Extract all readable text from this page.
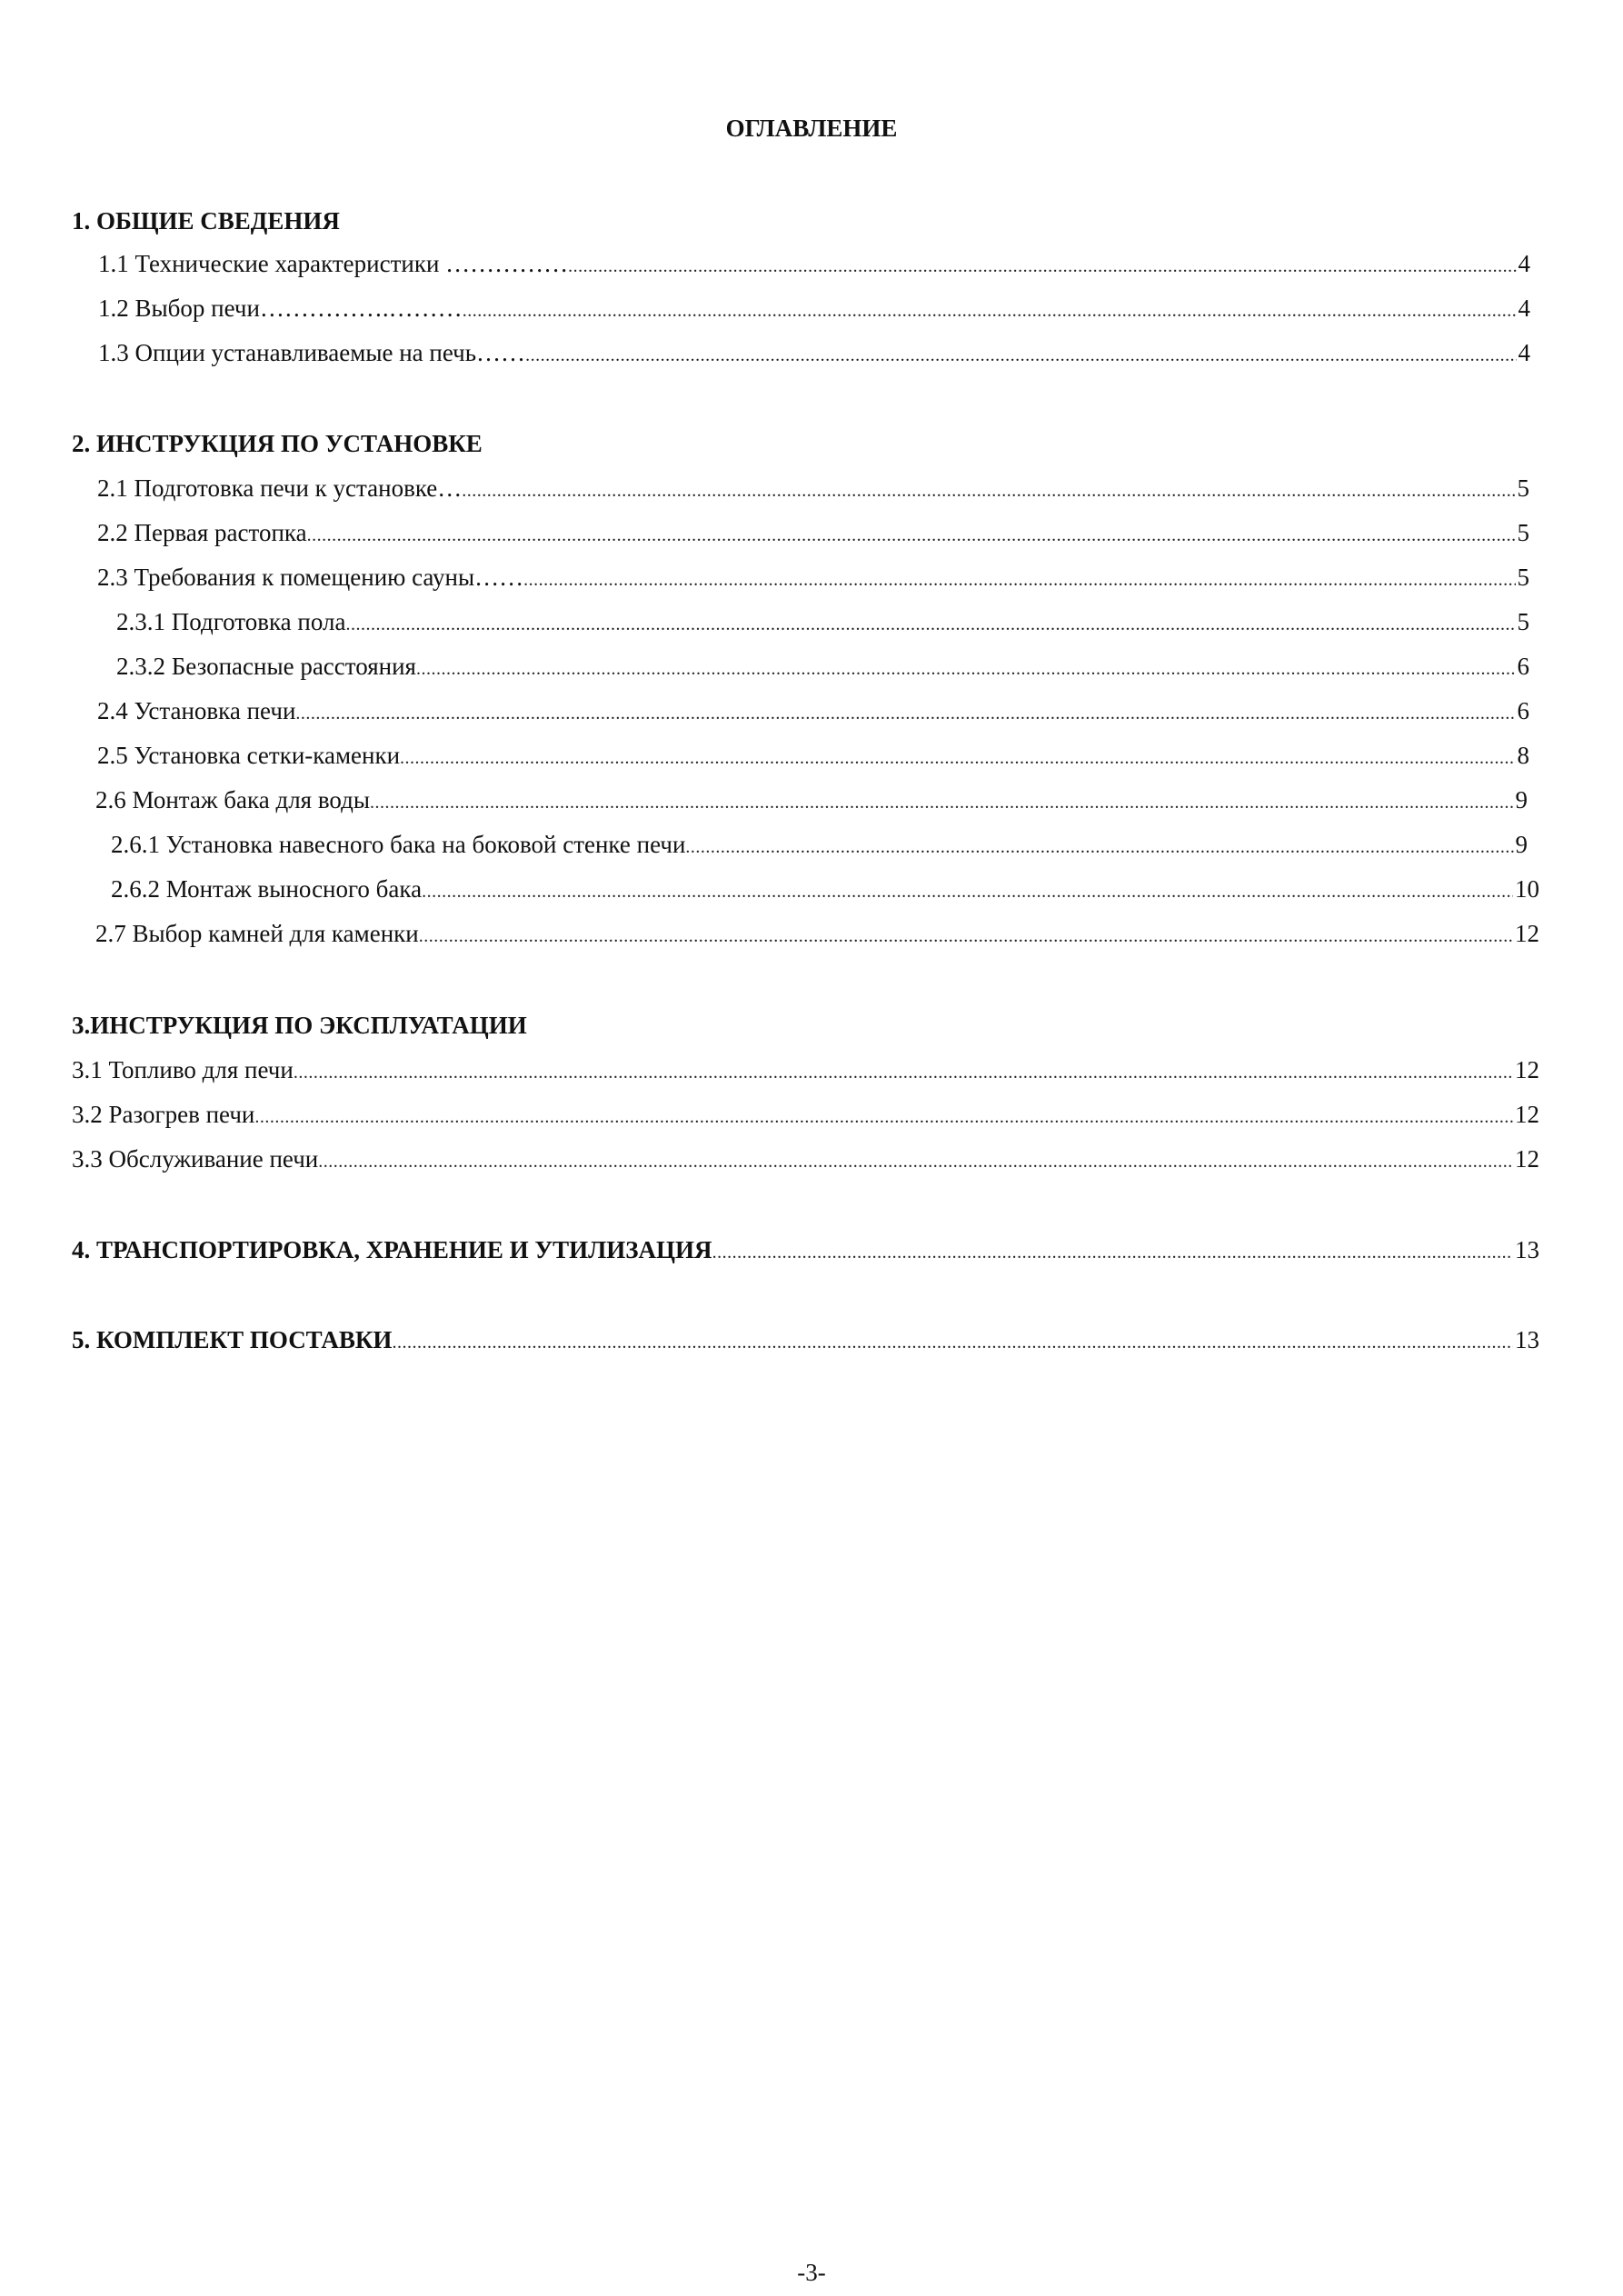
ОГЛАВЛЕНИЕ
1. ОБЩИЕ СВЕДЕНИЯ
1.1 Технические характеристики …………… .....	4
1.2 Выбор печи…………….……… .....	4
1.3 Опции устанавливаемые на печь…… .....	4
2. ИНСТРУКЦИЯ ПО УСТАНОВКЕ
2.1 Подготовка печи к установке… .....	5
2.2 Первая растопка .....	5
2.3 Требования к помещению сауны…… .....	5
2.3.1 Подготовка пола .....	5
2.3.2 Безопасные расстояния .....	6
2.4 Установка печи .....	6
2.5 Установка сетки-каменки .....	8
2.6 Монтаж бака для воды .....	9
2.6.1 Установка навесного бака на боковой стенке печи .....	9
2.6.2 Монтаж выносного бака .....	10
2.7 Выбор камней для каменки .....	12
3.ИНСТРУКЦИЯ ПО ЭКСПЛУАТАЦИИ
3.1 Топливо для печи .....	12
3.2 Разогрев печи .....	12
3.3 Обслуживание печи .....	12
4. ТРАНСПОРТИРОВКА, ХРАНЕНИЕ И УТИЛИЗАЦИЯ .....	13
5. КОМПЛЕКТ ПОСТАВКИ .....	13
-3-
